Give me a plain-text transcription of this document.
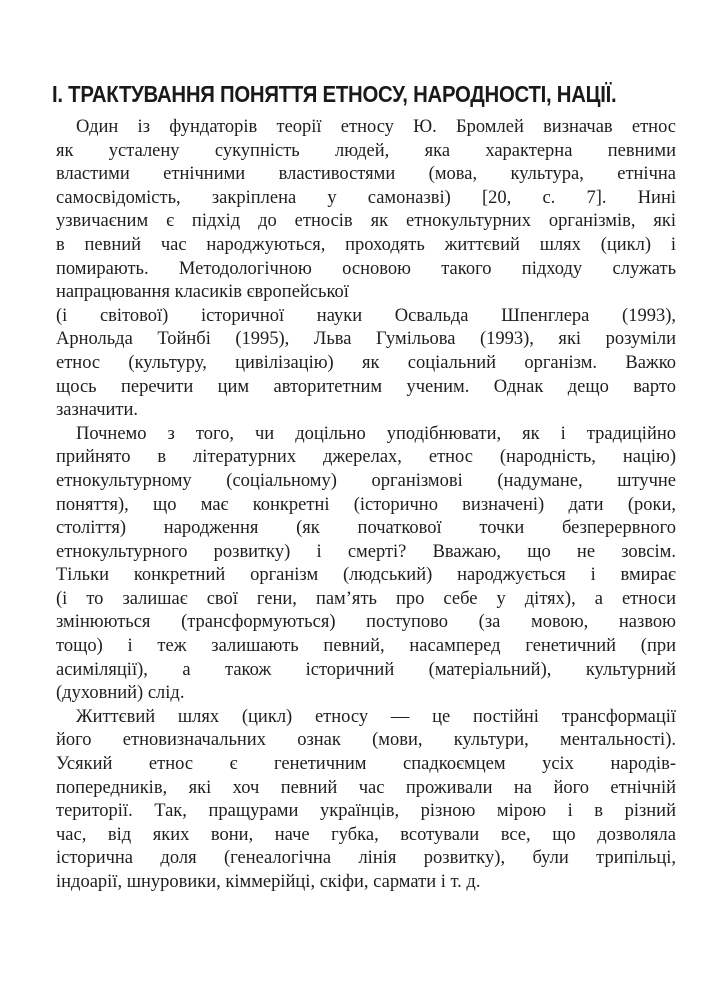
І. ТРАКТУВАННЯ ПОНЯТТЯ ЕТНОСУ, НАРОДНОСТІ, НАЦІЇ.
Один із фундаторів теорії етносу Ю. Бромлей визначав етнос
як усталену сукупність людей, яка характерна певними
властими етнічними властивостями (мова, культура, етнічна
самосвідомість, закріплена у самоназві) [20, с. 7]. Нині
узвичаєним є підхід до етносів як етнокультурних організмів, які
в певний час народжуються, проходять життєвий шлях (цикл) і
помирають. Методологічною основою такого підходу служать
напрацювання класиків європейської
(і світової) історичної науки Освальда Шпенглера (1993),
Арнольда Тойнбі (1995), Льва Гумільова (1993), які розуміли
етнос (культуру, цивілізацію) як соціальний організм. Важко
щось перечити цим авторитетним ученим. Однак дещо варто
зазначити.
Почнемо з того, чи доцільно уподібнювати, як і традиційно
прийнято в літературних джерелах, етнос (народність, націю)
етнокультурному (соціальному) організмові (надумане, штучне
поняття), що має конкретні (історично визначені) дати (роки,
століття) народження (як початкової точки безперервного
етнокультурного розвитку) і смерті? Вважаю, що не зовсім.
Тільки конкретний організм (людський) народжується і вмирає
(і то залишає свої гени, пам’ять про себе у дітях), а етноси
змінюються (трансформуються) поступово (за мовою, назвою
тощо) і теж залишають певний, насамперед генетичний (при
асиміляції), а також історичний (матеріальний), культурний
(духовний) слід.
Життєвий шлях (цикл) етносу — це постійні трансформації
його етновизначальних ознак (мови, культури, ментальності).
Усякий етнос є генетичним спадкоємцем усіх народів-
попередників, які хоч певний час проживали на його етнічній
території. Так, пращурами українців, різною мірою і в різний
час, від яких вони, наче губка, всотували все, що дозволяла
історична доля (генеалогічна лінія розвитку), були трипільці,
індоарії, шнуровики, кіммерійці, скіфи, сармати і т. д.
